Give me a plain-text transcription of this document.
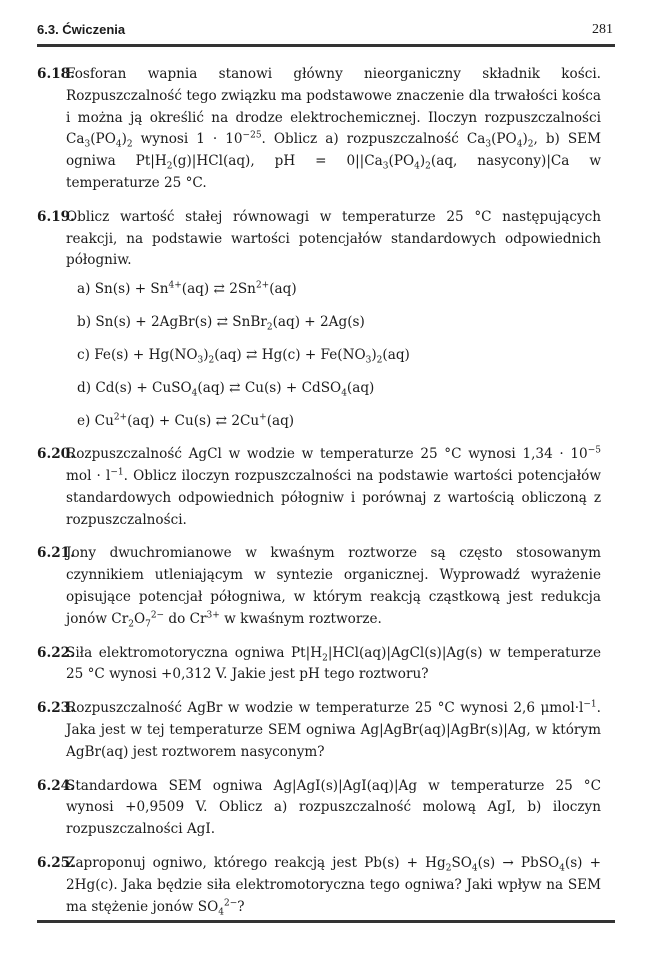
6.3. Ćwiczenia	281
6.18.
Fosforan wapnia stanowi główny nieorganiczny składnik kości. Rozpuszczalność tego związku ma podstawowe znaczenie dla trwałości kośca i można ją określić na drodze elektrochemicznej. Iloczyn rozpuszczalności $Ca_3(PO_4)_2$ wynosi $1 \cdot 10^{-25}$. Oblicz a) rozpuszczalność $Ca_3(PO_4)_2$, b) SEM ogniwa $Pt|H_2(g)|HCl(aq)$, pH = $0||Ca_3(PO_4)_2(aq$, nasycony)|Ca w temperaturze 25 °C.
6.19.
Oblicz wartość stałej równowagi w temperaturze 25 °C następujących reakcji, na podstawie wartości potencjałów standardowych odpowiednich półogniw.
a) $Sn(s) + Sn^{4+}(aq)$ ⇄ $2Sn^{2+}(aq)$
b) Sn(s) + 2AgBr(s) ⇄ SnBr$_2$(aq) + 2Ag(s)
c) $Fe(s) + Hg(NO_3)_2(aq)$ ⇄ $Hg(c) + Fe(NO_3)_2(aq)$
d) Cd(s) + CuSO$_4$(aq) ⇄ Cu(s) + CdSO$_4$(aq)
e) $Cu^{2+}(aq) + Cu(s)$ ⇄ 2Cu+(aq)
6.20.
Rozpuszczalność AgCl w wodzie w temperaturze 25 °C wynosi $1,34 \cdot 10^{-5}$ mol · $l^{-1}$. Oblicz iloczyn rozpuszczalności na podstawie wartości potencjałów standardowych odpowiednich półogniw i porównaj z wartością obliczoną z rozpuszczalności.
6.21.
Jony dwuchromianowe w kwaśnym roztworze są często stosowanym czynnikiem utleniającym w syntezie organicznej. Wyprowadź wyrażenie opisujące potencjał półogniwa, w którym reakcją cząstkową jest redukcja jonów $Cr_2O_7^{2-}$ do $Cr^{3+}$ w kwaśnym roztworze.
6.22.
Siła elektromotoryczna ogniwa $Pt|H_2|HCl(aq)|AgCl(s)|Ag(s)$ w temperaturze 25 °C wynosi +0,312 V. Jakie jest pH tego roztworu?
6.23.
Rozpuszczalność AgBr w wodzie w temperaturze 25 °C wynosi 2,6 $\mu mol\cdot l^{-1}$. Jaka jest w tej temperaturze SEM ogniwa Ag|AgBr(aq)|AgBr(s)|Ag, w którym AgBr(aq) jest roztworem nasyconym?
6.24.
Standardowa SEM ogniwa Ag|AgI(s)|AgI(aq)|Ag w temperaturze 25 °C wynosi +0,9509 V. Oblicz a) rozpuszczalność molową AgI, b) iloczyn rozpuszczalności AgI.
6.25.
Zaproponuj ogniwo, którego reakcją jest $Pb(s) + Hg_2SO_4(s)$ → PbSO$_4$(s) + 2Hg(c). Jaka będzie siła elektromotoryczna tego ogniwa? Jaki wpływ na SEM ma stężenie jonów $SO_4^{2-}$?
